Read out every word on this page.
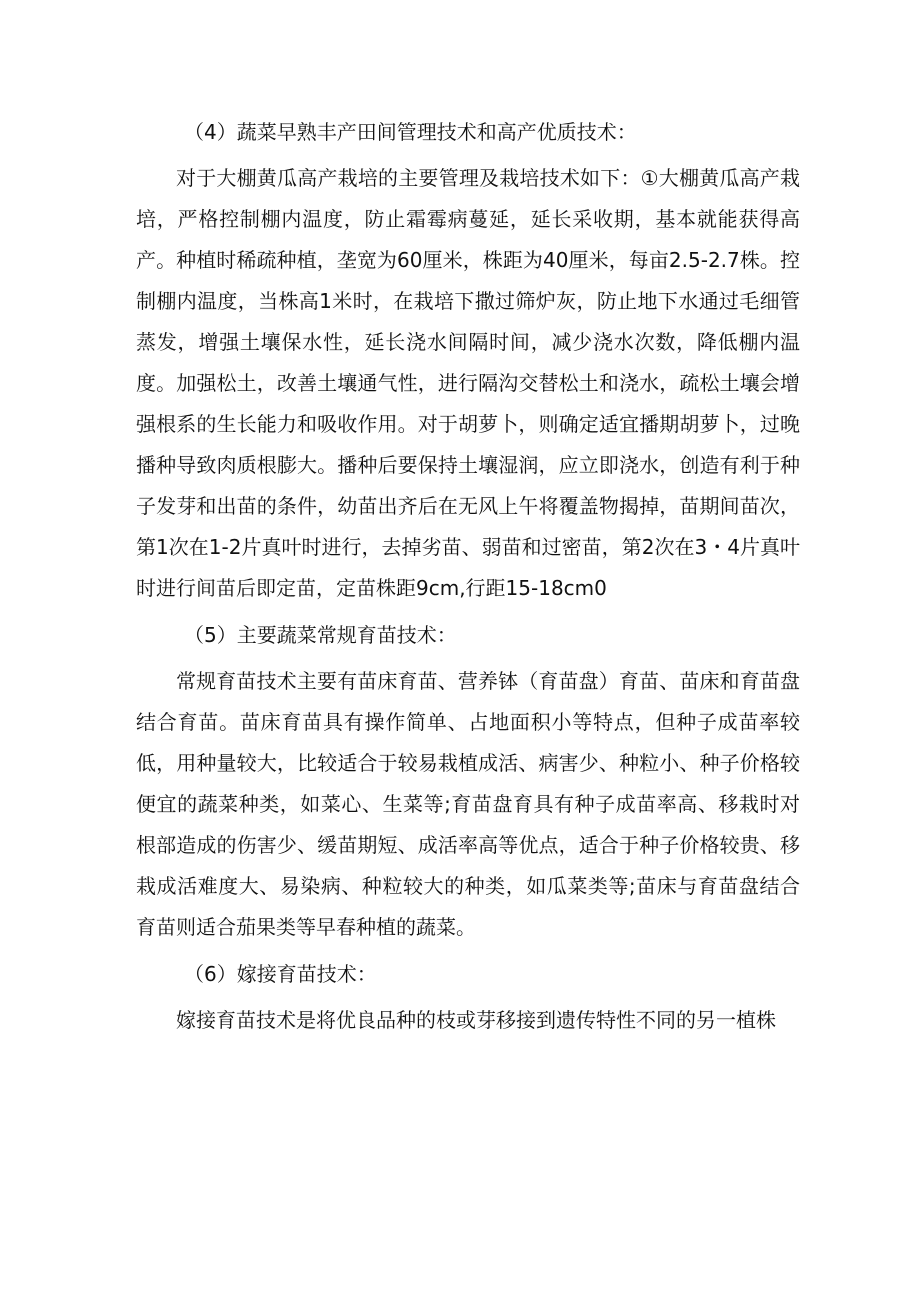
（4）蔬菜早熟丰产田间管理技术和高产优质技术：

对于大棚黄瓜高产栽培的主要管理及栽培技术如下：①大棚黄瓜高产栽培，严格控制棚内温度，防止霜霉病蔓延，延长采收期，基本就能获得高产。种植时稀疏种植，垄宽为60厘米，株距为40厘米，每亩2.5-2.7株。控制棚内温度，当株高1米时，在栽培下撒过筛炉灰，防止地下水通过毛细管蒸发，增强土壤保水性，延长浇水间隔时间，减少浇水次数，降低棚内温度。加强松土，改善土壤通气性，进行隔沟交替松土和浇水，疏松土壤会增强根系的生长能力和吸收作用。对于胡萝卜，则确定适宜播期胡萝卜，过晚播种导致肉质根膨大。播种后要保持土壤湿润，应立即浇水，创造有利于种子发芽和出苗的条件，幼苗出齐后在无风上午将覆盖物揭掉，苗期间苗次，第1次在1-2片真叶时进行，去掉劣苗、弱苗和过密苗，第2次在3・4片真叶时进行间苗后即定苗，定苗株距9cm,行距15-18cm0

（5）主要蔬菜常规育苗技术：

常规育苗技术主要有苗床育苗、营养钵（育苗盘）育苗、苗床和育苗盘结合育苗。苗床育苗具有操作简单、占地面积小等特点，但种子成苗率较低，用种量较大，比较适合于较易栽植成活、病害少、种粒小、种子价格较便宜的蔬菜种类，如菜心、生菜等;育苗盘育具有种子成苗率高、移栽时对根部造成的伤害少、缓苗期短、成活率高等优点，适合于种子价格较贵、移栽成活难度大、易染病、种粒较大的种类，如瓜菜类等;苗床与育苗盘结合育苗则适合茄果类等早春种植的蔬菜。

（6）嫁接育苗技术：

嫁接育苗技术是将优良品种的枝或芽移接到遗传特性不同的另一植株
